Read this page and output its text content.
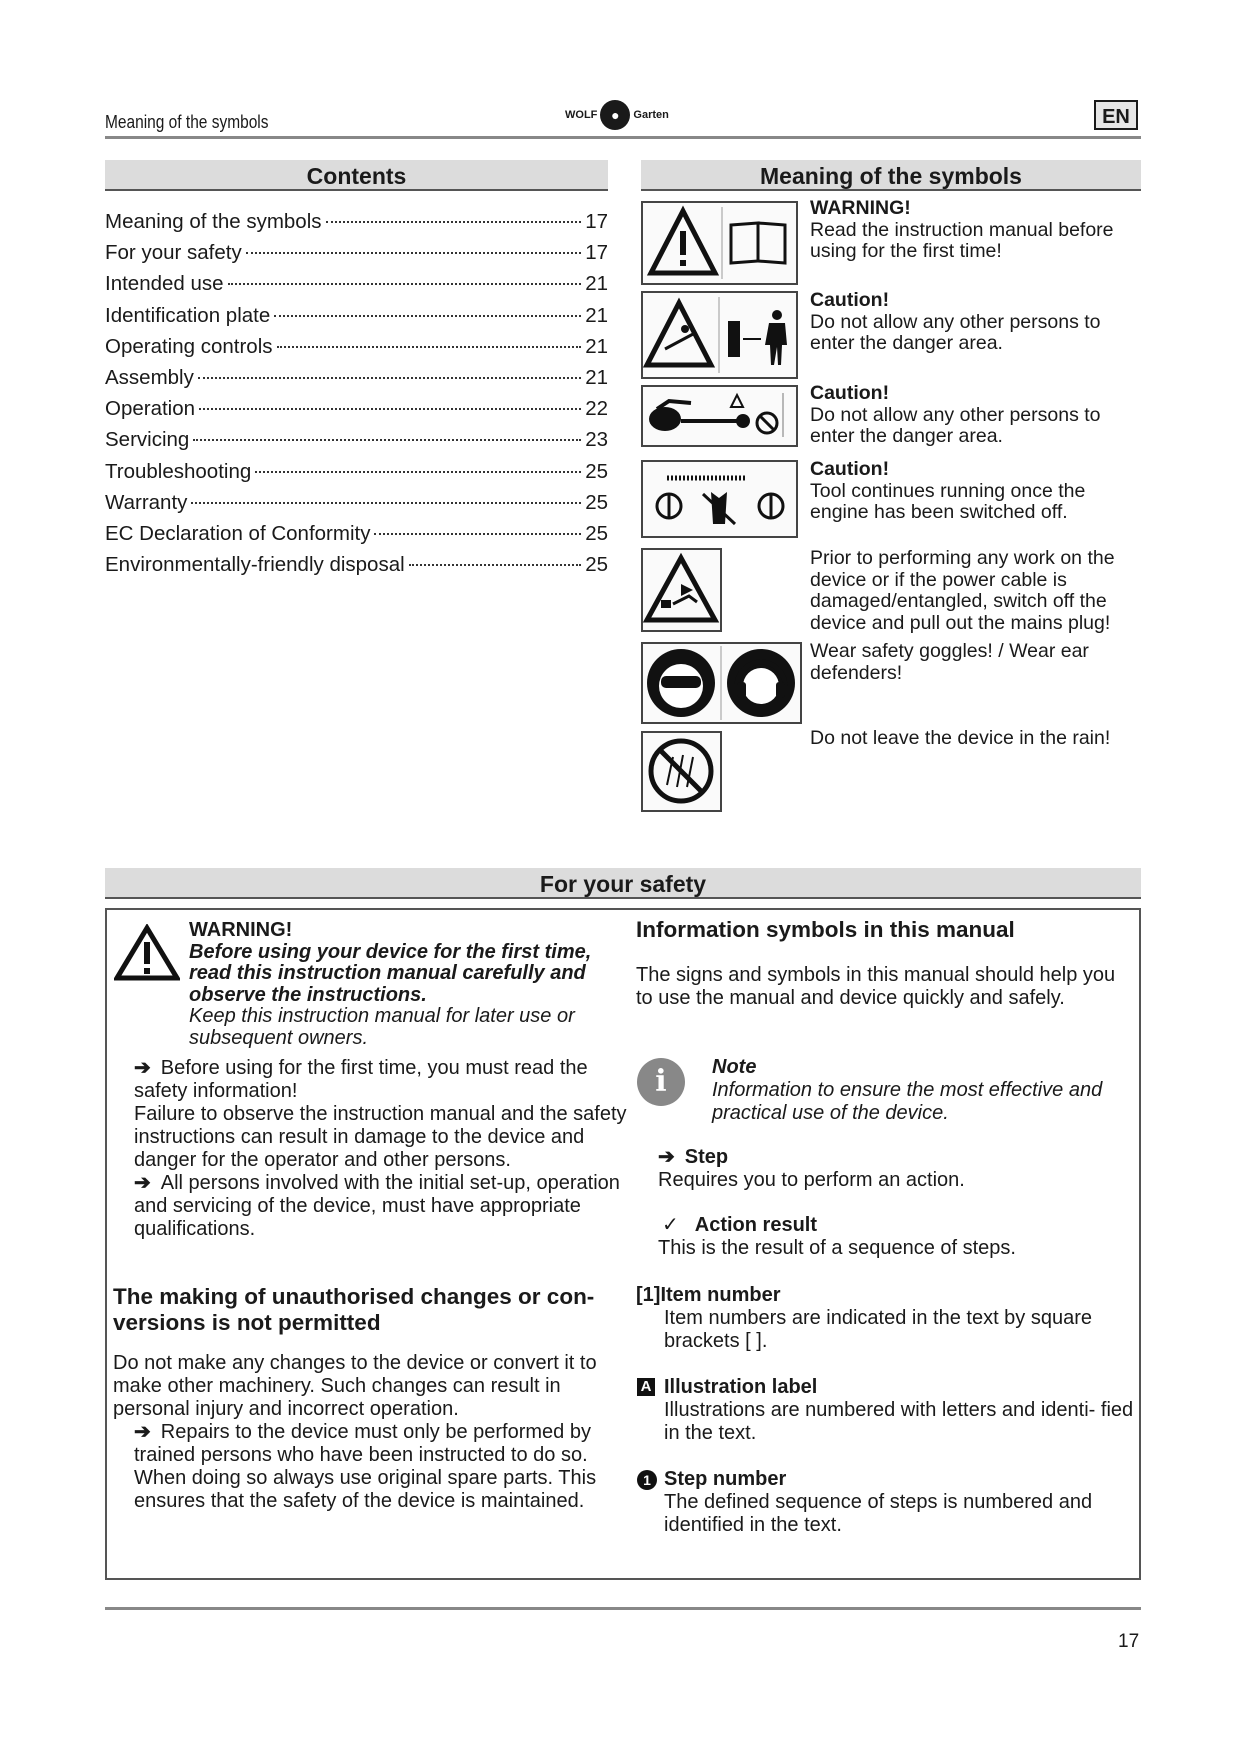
Meaning of the symbols	WOLF ●	Garten	EN
Contents
Meaning of the symbols	17
For your safety	17
Intended use	21
Identification plate	21
Operating controls	21
Assembly	21
Operation	22
Servicing	23
Troubleshooting	25
Warranty	25
EC Declaration of Conformity	25
Environmentally-friendly disposal	25
Meaning of the symbols
WARNING!
Read the instruction manual before using for the first time!
Caution!
Do not allow any other persons to enter the danger area.
Caution!
Do not allow any other persons to enter the danger area.
Caution!
Tool continues running once the engine has been switched off.
Prior to performing any work on the device or if the power cable is damaged/entangled, switch off the device and pull out the mains plug!
Wear safety goggles! / Wear ear defenders!
Do not leave the device in the rain!
For your safety
WARNING!
Before using your device for the first time, read this instruction manual carefully and observe the instructions.
Keep this instruction manual for later use or subsequent owners.
➔ Before using for the first time, you must read the safety information!
Failure to observe the instruction manual and the safety instructions can result in damage to the device and danger for the operator and other persons.
➔ All persons involved with the initial set-up, operation and servicing of the device, must have appropriate qualifications.
The making of unauthorised changes or con- versions is not permitted
Do not make any changes to the device or convert it to make other machinery. Such changes can result in personal injury and incorrect operation.
➔ Repairs to the device must only be performed by trained persons who have been instructed to do so. When doing so always use original spare parts. This ensures that the safety of the device is maintained.
Information symbols in this manual
The signs and symbols in this manual should help you to use the manual and device quickly and safely.
i	Note
Information to ensure the most effective and practical use of the device.
➔ Step
Requires you to perform an action.
✓ Action result
This is the result of a sequence of steps.
[1]Item number
Item numbers are indicated in the text by square brackets [ ].
A Illustration label
Illustrations are numbered with letters and identi- fied in the text.
1 Step number
The defined sequence of steps is numbered and identified in the text.
17
